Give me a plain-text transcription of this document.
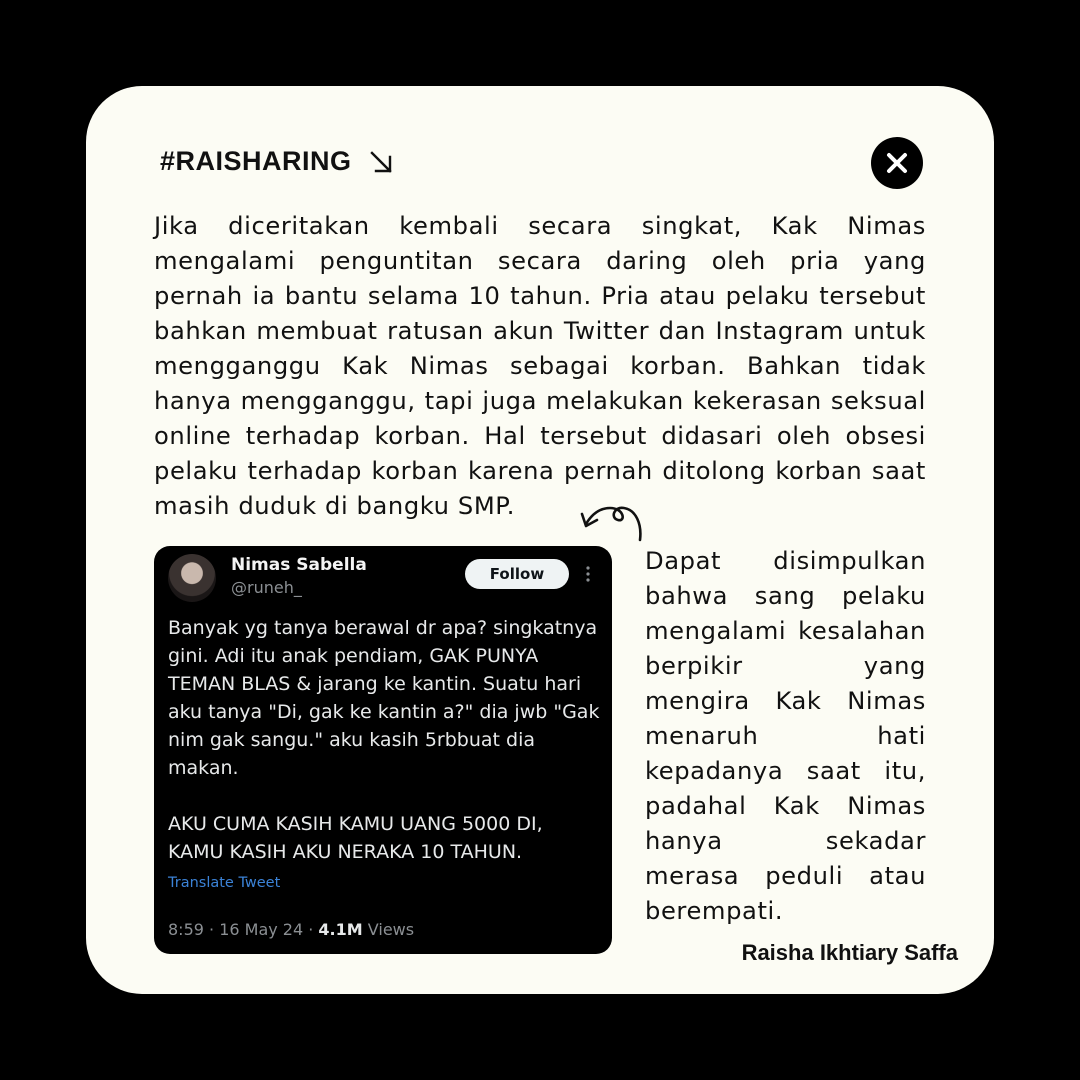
#RAISHARING

Jika diceritakan kembali secara singkat, Kak Nimas mengalami penguntitan secara daring oleh pria yang pernah ia bantu selama 10 tahun. Pria atau pelaku tersebut bahkan membuat ratusan akun Twitter dan Instagram untuk mengganggu Kak Nimas sebagai korban. Bahkan tidak hanya mengganggu, tapi juga melakukan kekerasan seksual online terhadap korban. Hal tersebut didasari oleh obsesi pelaku terhadap korban karena pernah ditolong korban saat masih duduk di bangku SMP.

Nimas Sabella
@runeh_
Follow

Banyak yg tanya berawal dr apa? singkatnya gini. Adi itu anak pendiam, GAK PUNYA TEMAN BLAS & jarang ke kantin. Suatu hari aku tanya "Di, gak ke kantin a?" dia jwb "Gak nim gak sangu." aku kasih 5rbbuat dia makan.

AKU CUMA KASIH KAMU UANG 5000 DI, KAMU KASIH AKU NERAKA 10 TAHUN.

Translate Tweet
8:59 · 16 May 24 · 4.1M Views

Dapat disimpulkan bahwa sang pelaku mengalami kesalahan berpikir yang mengira Kak Nimas menaruh hati kepadanya saat itu, padahal Kak Nimas hanya sekadar merasa peduli atau berempati.

Raisha Ikhtiary Saffa
